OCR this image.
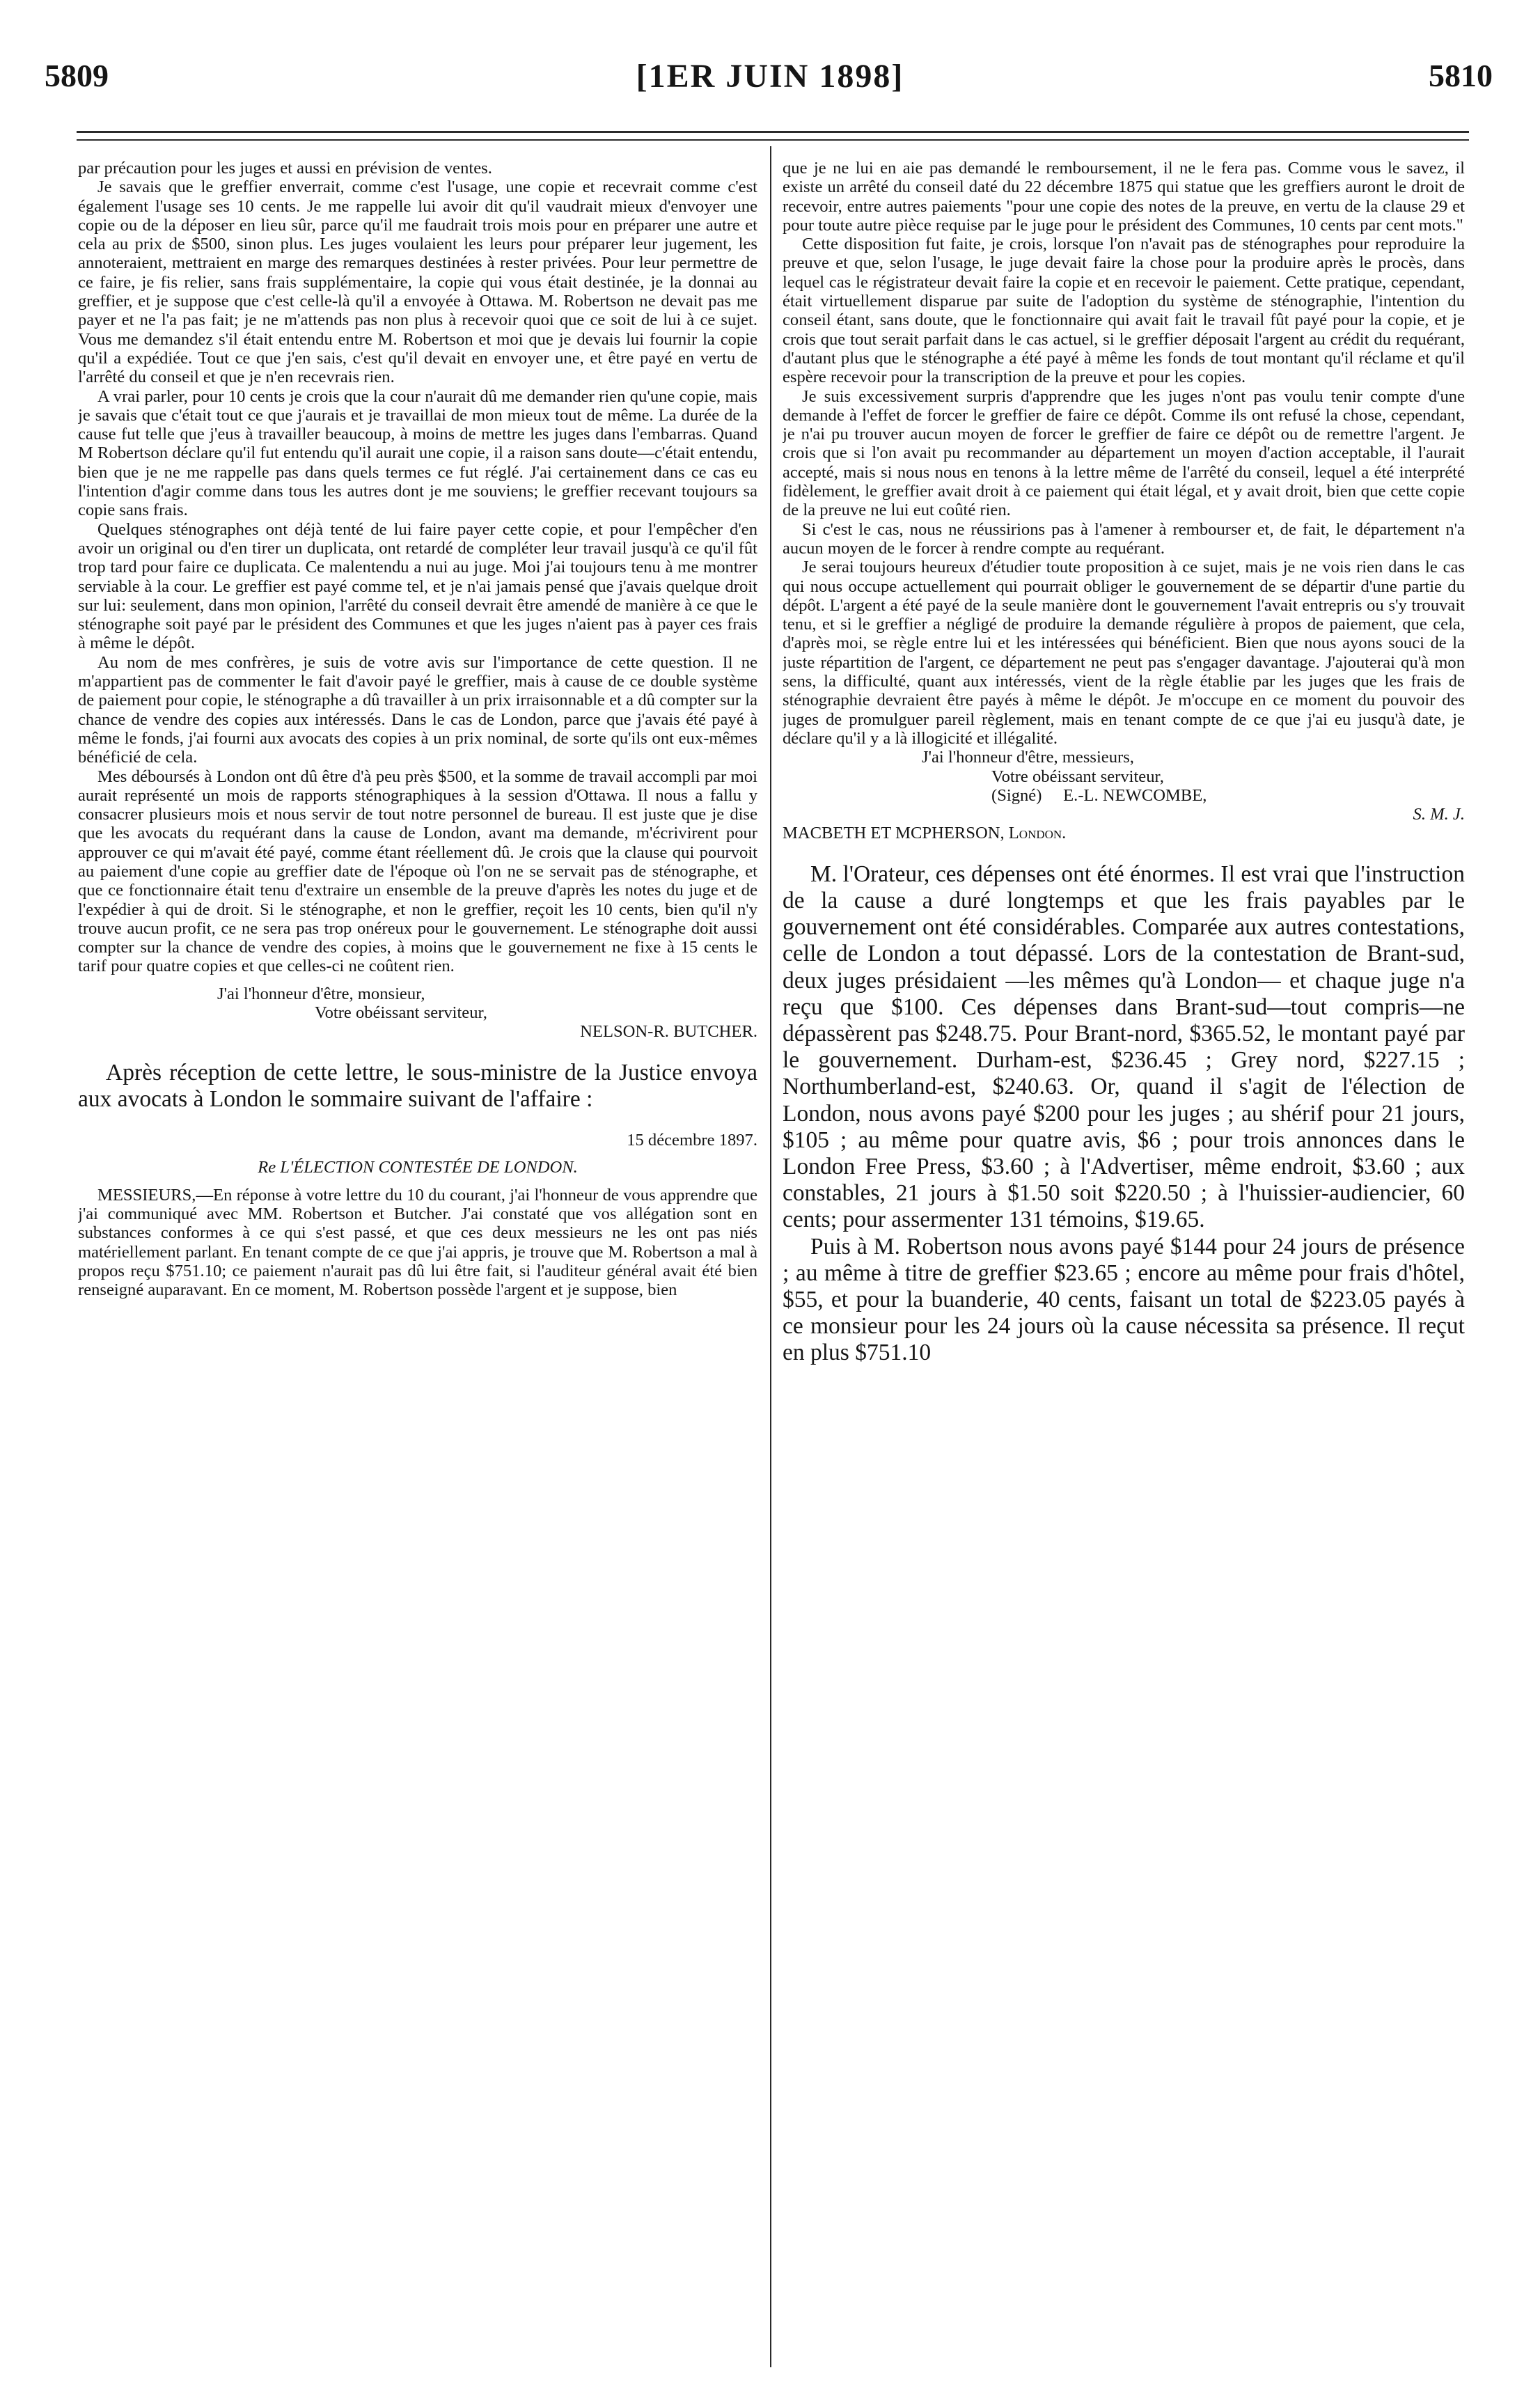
5809	[1ER JUIN 1898]	5810

par précaution pour les juges et aussi en prévision de ventes.

Je savais que le greffier enverrait, comme c'est l'usage, une copie et recevrait comme c'est également l'usage ses 10 cents. Je me rappelle lui avoir dit qu'il vaudrait mieux d'envoyer une copie ou de la déposer en lieu sûr, parce qu'il me faudrait trois mois pour en préparer une autre et cela au prix de $500, sinon plus. Les juges voulaient les leurs pour préparer leur jugement, les annoteraient, mettraient en marge des remarques destinées à rester privées. Pour leur permettre de ce faire, je fis relier, sans frais supplémentaire, la copie qui vous était destinée, je la donnai au greffier, et je suppose que c'est celle-là qu'il a envoyée à Ottawa. M. Robertson ne devait pas me payer et ne l'a pas fait; je ne m'attends pas non plus à recevoir quoi que ce soit de lui à ce sujet. Vous me demandez s'il était entendu entre M. Robertson et moi que je devais lui fournir la copie qu'il a expédiée. Tout ce que j'en sais, c'est qu'il devait en envoyer une, et être payé en vertu de l'arrêté du conseil et que je n'en recevrais rien.

A vrai parler, pour 10 cents je crois que la cour n'aurait dû me demander rien qu'une copie, mais je savais que c'était tout ce que j'aurais et je travaillai de mon mieux tout de même. La durée de la cause fut telle que j'eus à travailler beaucoup, à moins de mettre les juges dans l'embarras. Quand M Robertson déclare qu'il fut entendu qu'il aurait une copie, il a raison sans doute—c'était entendu, bien que je ne me rappelle pas dans quels termes ce fut réglé. J'ai certainement dans ce cas eu l'intention d'agir comme dans tous les autres dont je me souviens; le greffier recevant toujours sa copie sans frais.

Quelques sténographes ont déjà tenté de lui faire payer cette copie, et pour l'empêcher d'en avoir un original ou d'en tirer un duplicata, ont retardé de compléter leur travail jusqu'à ce qu'il fût trop tard pour faire ce duplicata. Ce malentendu a nui au juge. Moi j'ai toujours tenu à me montrer serviable à la cour. Le greffier est payé comme tel, et je n'ai jamais pensé que j'avais quelque droit sur lui: seulement, dans mon opinion, l'arrêté du conseil devrait être amendé de manière à ce que le sténographe soit payé par le président des Communes et que les juges n'aient pas à payer ces frais à même le dépôt.

Au nom de mes confrères, je suis de votre avis sur l'importance de cette question. Il ne m'appartient pas de commenter le fait d'avoir payé le greffier, mais à cause de ce double système de paiement pour copie, le sténographe a dû travailler à un prix irraisonnable et a dû compter sur la chance de vendre des copies aux intéressés. Dans le cas de London, parce que j'avais été payé à même le fonds, j'ai fourni aux avocats des copies à un prix nominal, de sorte qu'ils ont eux-mêmes bénéficié de cela.

Mes déboursés à London ont dû être d'à peu près $500, et la somme de travail accompli par moi aurait représenté un mois de rapports sténographiques à la session d'Ottawa. Il nous a fallu y consacrer plusieurs mois et nous servir de tout notre personnel de bureau. Il est juste que je dise que les avocats du requérant dans la cause de London, avant ma demande, m'écrivirent pour approuver ce qui m'avait été payé, comme étant réellement dû. Je crois que la clause qui pourvoit au paiement d'une copie au greffier date de l'époque où l'on ne se servait pas de sténographe, et que ce fonctionnaire était tenu d'extraire un ensemble de la preuve d'après les notes du juge et de l'expédier à qui de droit. Si le sténographe, et non le greffier, reçoit les 10 cents, bien qu'il n'y trouve aucun profit, ce ne sera pas trop onéreux pour le gouvernement. Le sténographe doit aussi compter sur la chance de vendre des copies, à moins que le gouvernement ne fixe à 15 cents le tarif pour quatre copies et que celles-ci ne coûtent rien.

J'ai l'honneur d'être, monsieur,

Votre obéissant serviteur,

NELSON-R. BUTCHER.

Après réception de cette lettre, le sous-ministre de la Justice envoya aux avocats à London le sommaire suivant de l'affaire :

15 décembre 1897.

Re L'ÉLECTION CONTESTÉE DE LONDON.

MESSIEURS,—En réponse à votre lettre du 10 du courant, j'ai l'honneur de vous apprendre que j'ai communiqué avec MM. Robertson et Butcher. J'ai constaté que vos allégation sont en substances conformes à ce qui s'est passé, et que ces deux messieurs ne les ont pas niés matériellement parlant. En tenant compte de ce que j'ai appris, je trouve que M. Robertson a mal à propos reçu $751.10; ce paiement n'aurait pas dû lui être fait, si l'auditeur général avait été bien renseigné auparavant. En ce moment, M. Robertson possède l'argent et je suppose, bien

que je ne lui en aie pas demandé le remboursement, il ne le fera pas. Comme vous le savez, il existe un arrêté du conseil daté du 22 décembre 1875 qui statue que les greffiers auront le droit de recevoir, entre autres paiements "pour une copie des notes de la preuve, en vertu de la clause 29 et pour toute autre pièce requise par le juge pour le président des Communes, 10 cents par cent mots."

Cette disposition fut faite, je crois, lorsque l'on n'avait pas de sténographes pour reproduire la preuve et que, selon l'usage, le juge devait faire la chose pour la produire après le procès, dans lequel cas le régistrateur devait faire la copie et en recevoir le paiement. Cette pratique, cependant, était virtuellement disparue par suite de l'adoption du système de sténographie, l'intention du conseil étant, sans doute, que le fonctionnaire qui avait fait le travail fût payé pour la copie, et je crois que tout serait parfait dans le cas actuel, si le greffier déposait l'argent au crédit du requérant, d'autant plus que le sténographe a été payé à même les fonds de tout montant qu'il réclame et qu'il espère recevoir pour la transcription de la preuve et pour les copies.

Je suis excessivement surpris d'apprendre que les juges n'ont pas voulu tenir compte d'une demande à l'effet de forcer le greffier de faire ce dépôt. Comme ils ont refusé la chose, cependant, je n'ai pu trouver aucun moyen de forcer le greffier de faire ce dépôt ou de remettre l'argent. Je crois que si l'on avait pu recommander au département un moyen d'action acceptable, il l'aurait accepté, mais si nous nous en tenons à la lettre même de l'arrêté du conseil, lequel a été interprété fidèlement, le greffier avait droit à ce paiement qui était légal, et y avait droit, bien que cette copie de la preuve ne lui eut coûté rien.

Si c'est le cas, nous ne réussirions pas à l'amener à rembourser et, de fait, le département n'a aucun moyen de le forcer à rendre compte au requérant.

Je serai toujours heureux d'étudier toute proposition à ce sujet, mais je ne vois rien dans le cas qui nous occupe actuellement qui pourrait obliger le gouvernement de se départir d'une partie du dépôt. L'argent a été payé de la seule manière dont le gouvernement l'avait entrepris ou s'y trouvait tenu, et si le greffier a négligé de produire la demande régulière à propos de paiement, que cela, d'après moi, se règle entre lui et les intéressées qui bénéficient. Bien que nous ayons souci de la juste répartition de l'argent, ce département ne peut pas s'engager davantage. J'ajouterai qu'à mon sens, la difficulté, quant aux intéressés, vient de la règle établie par les juges que les frais de sténographie devraient être payés à même le dépôt. Je m'occupe en ce moment du pouvoir des juges de promulguer pareil règlement, mais en tenant compte de ce que j'ai eu jusqu'à date, je déclare qu'il y a là illogicité et illégalité.

J'ai l'honneur d'être, messieurs,

Votre obéissant serviteur,

(Signé)     E.-L. NEWCOMBE,

S. M. J.

MACBETH ET MCPHERSON, London.

M. l'Orateur, ces dépenses ont été énormes. Il est vrai que l'instruction de la cause a duré longtemps et que les frais payables par le gouvernement ont été considérables. Comparée aux autres contestations, celle de London a tout dépassé. Lors de la contestation de Brant-sud, deux juges présidaient —les mêmes qu'à London— et chaque juge n'a reçu que $100. Ces dépenses dans Brant-sud—tout compris—ne dépassèrent pas $248.75. Pour Brant-nord, $365.52, le montant payé par le gouvernement. Durham-est, $236.45 ; Grey nord, $227.15 ; Northumberland-est, $240.63. Or, quand il s'agit de l'élection de London, nous avons payé $200 pour les juges ; au shérif pour 21 jours, $105 ; au même pour quatre avis, $6 ; pour trois annonces dans le London Free Press, $3.60 ; à l'Advertiser, même endroit, $3.60 ; aux constables, 21 jours à $1.50 soit $220.50 ; à l'huissier-audiencier, 60 cents; pour assermenter 131 témoins, $19.65.

Puis à M. Robertson nous avons payé $144 pour 24 jours de présence ; au même à titre de greffier $23.65 ; encore au même pour frais d'hôtel, $55, et pour la buanderie, 40 cents, faisant un total de $223.05 payés à ce monsieur pour les 24 jours où la cause nécessita sa présence. Il reçut en plus $751.10
